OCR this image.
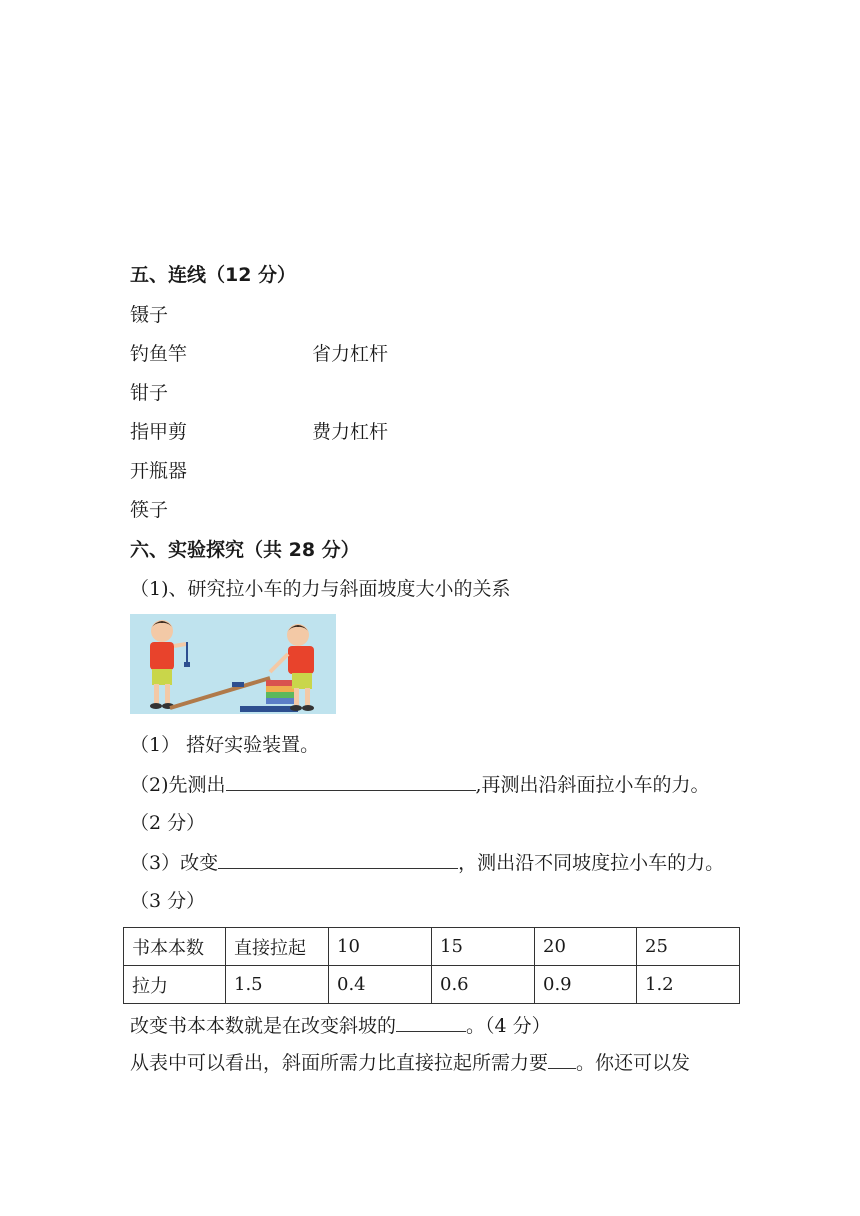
五、连线（12 分）
镊子
钓鱼竿	省力杠杆
钳子
指甲剪	费力杠杆
开瓶器
筷子
六、实验探究（共 28 分）
（1)、研究拉小车的力与斜面坡度大小的关系
（1） 搭好实验装置。
（2)先测出	,再测出沿斜面拉小车的力。
（2 分）
（3）改变	，测出沿不同坡度拉小车的力。
（3 分）
书本本数	直接拉起	10	15	20	25
拉力	1.5	0.4	0.6	0.9	1.2
改变书本本数就是在改变斜坡的	。（4 分）
从表中可以看出，斜面所需力比直接拉起所需力要 。你还可以发
